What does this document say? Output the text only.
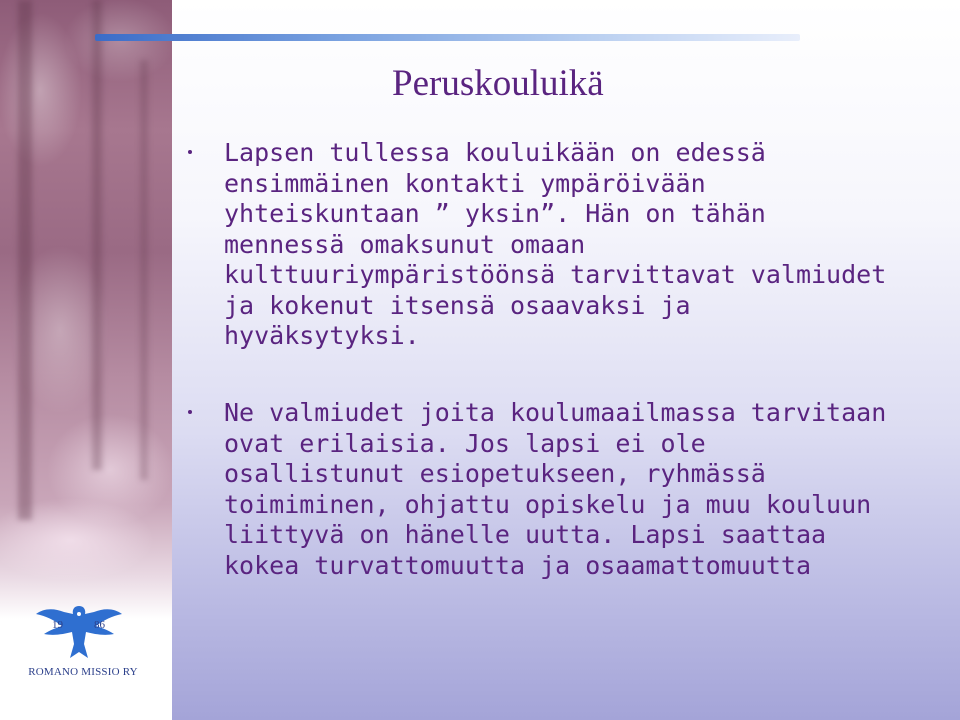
19	86
ROMANO MISSIO RY
Peruskouluikä
Lapsen tullessa kouluikään on edessä
ensimmäinen kontakti ympäröivään
yhteiskuntaan ” yksin”. Hän on tähän
mennessä omaksunut omaan
kulttuuriympäristöönsä tarvittavat valmiudet
ja kokenut itsensä osaavaksi ja
hyväksytyksi.
Ne valmiudet joita koulumaailmassa tarvitaan
ovat erilaisia. Jos lapsi ei ole
osallistunut esiopetukseen, ryhmässä
toimiminen, ohjattu opiskelu ja muu kouluun
liittyvä on hänelle uutta. Lapsi saattaa
kokea turvattomuutta ja osaamattomuutta
